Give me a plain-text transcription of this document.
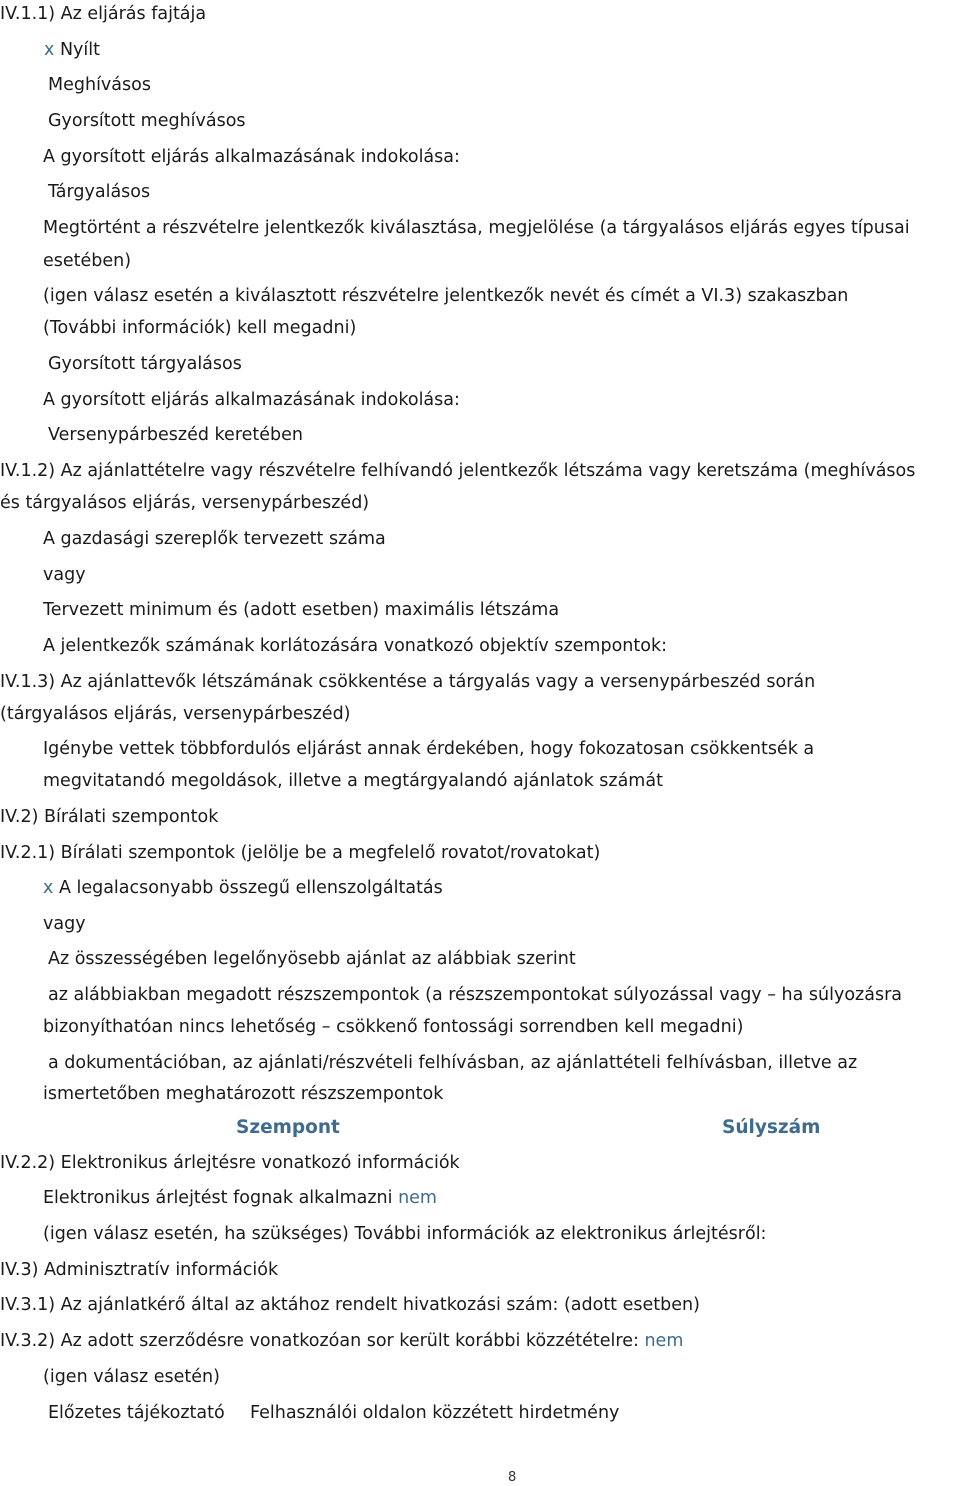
IV.1.1) Az eljárás fajtája
x Nyílt
Meghívásos
Gyorsított meghívásos
A gyorsított eljárás alkalmazásának indokolása:
Tárgyalásos
Megtörtént a részvételre jelentkezők kiválasztása, megjelölése (a tárgyalásos eljárás egyes típusai
esetében)
(igen válasz esetén a kiválasztott részvételre jelentkezők nevét és címét a VI.3) szakaszban
(További információk) kell megadni)
Gyorsított tárgyalásos
A gyorsított eljárás alkalmazásának indokolása:
Versenypárbeszéd keretében
IV.1.2) Az ajánlattételre vagy részvételre felhívandó jelentkezők létszáma vagy keretszáma (meghívásos
és tárgyalásos eljárás, versenypárbeszéd)
A gazdasági szereplők tervezett száma
vagy
Tervezett minimum és (adott esetben) maximális létszáma
A jelentkezők számának korlátozására vonatkozó objektív szempontok:
IV.1.3) Az ajánlattevők létszámának csökkentése a tárgyalás vagy a versenypárbeszéd során
(tárgyalásos eljárás, versenypárbeszéd)
Igénybe vettek többfordulós eljárást annak érdekében, hogy fokozatosan csökkentsék a
megvitatandó megoldások, illetve a megtárgyalandó ajánlatok számát
IV.2) Bírálati szempontok
IV.2.1) Bírálati szempontok (jelölje be a megfelelő rovatot/rovatokat)
x A legalacsonyabb összegű ellenszolgáltatás
vagy
Az összességében legelőnyösebb ajánlat az alábbiak szerint
az alábbiakban megadott részszempontok (a részszempontokat súlyozással vagy – ha súlyozásra
bizonyíthatóan nincs lehetőség – csökkenő fontossági sorrendben kell megadni)
a dokumentációban, az ajánlati/részvételi felhívásban, az ajánlattételi felhívásban, illetve az
ismertetőben meghatározott részszempontok
Szempont	Súlyszám
IV.2.2) Elektronikus árlejtésre vonatkozó információk
Elektronikus árlejtést fognak alkalmazni nem
(igen válasz esetén, ha szükséges) További információk az elektronikus árlejtésről:
IV.3) Adminisztratív információk
IV.3.1) Az ajánlatkérő által az aktához rendelt hivatkozási szám: (adott esetben)
IV.3.2) Az adott szerződésre vonatkozóan sor került korábbi közzétételre: nem
(igen válasz esetén)
Előzetes tájékoztató Felhasználói oldalon közzétett hirdetmény
8
